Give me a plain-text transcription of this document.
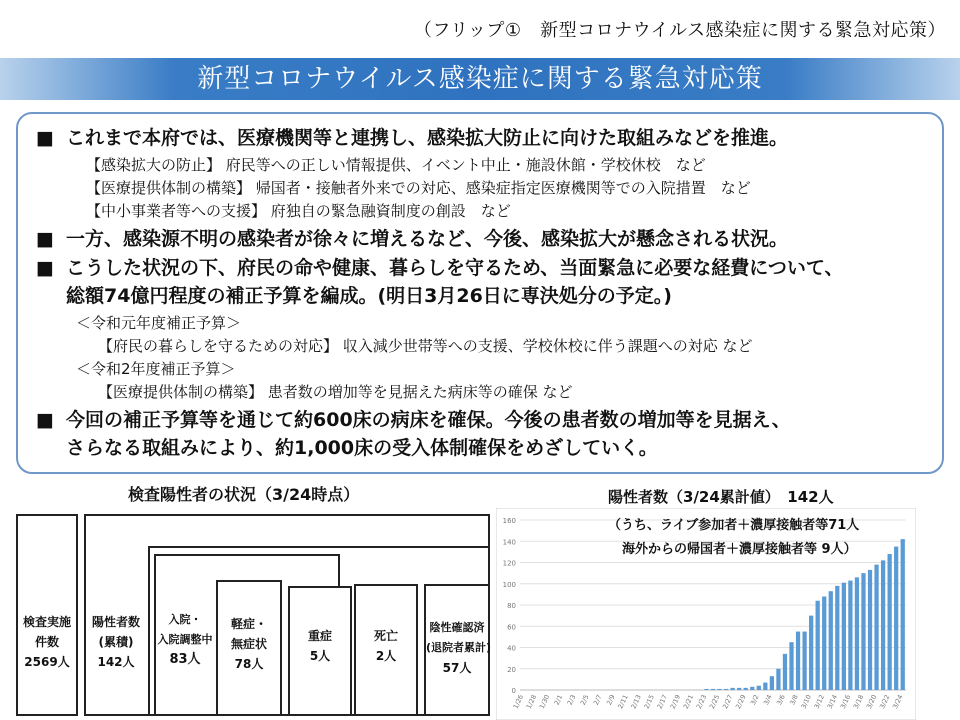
（フリップ①　新型コロナウイルス感染症に関する緊急対応策）
新型コロナウイルス感染症に関する緊急対応策
■ これまで本府では、医療機関等と連携し、感染拡大防止に向けた取組みなどを推進。
【感染拡大の防止】 府民等への正しい情報提供、イベント中止・施設休館・学校休校　など
【医療提供体制の構築】 帰国者・接触者外来での対応、感染症指定医療機関等での入院措置　など
【中小事業者等への支援】 府独自の緊急融資制度の創設　など
■ 一方、感染源不明の感染者が徐々に増えるなど、今後、感染拡大が懸念される状況。
■ こうした状況の下、府民の命や健康、暮らしを守るため、当面緊急に必要な経費について、
総額74億円程度の補正予算を編成。(明日3月26日に専決処分の予定。)
＜令和元年度補正予算＞
【府民の暮らしを守るための対応】 収入減少世帯等への支援、学校休校に伴う課題への対応 など
＜令和2年度補正予算＞
【医療提供体制の構築】 患者数の増加等を見据えた病床等の確保 など
■ 今回の補正予算等を通じて約600床の病床を確保。今後の患者数の増加等を見据え、
さらなる取組みにより、約1,000床の受入体制確保をめざしていく。
検査陽性者の状況（3/24時点）
検査実施
件数
2569人
陽性者数
(累積)
142人
入院・
入院調整中
83人
軽症・
無症状
78人
重症
5人
死亡
2人
陰性確認済
(退院者累計)
57人
0
20
40
60
80
100
120
140
160
1/26 1/28 1/30 2/1 2/3 2/5 2/7 2/9 2/11 2/13 2/15 2/17 2/19 2/21 2/23 2/25 2/27 2/29 3/2 3/4 3/6 3/8 3/10 3/12 3/14 3/16 3/18 3/20 3/22 3/24
陽性者数（3/24累計値）　142人
（うち、ライブ参加者＋濃厚接触者等71人
海外からの帰国者＋濃厚接触者等 9人）
